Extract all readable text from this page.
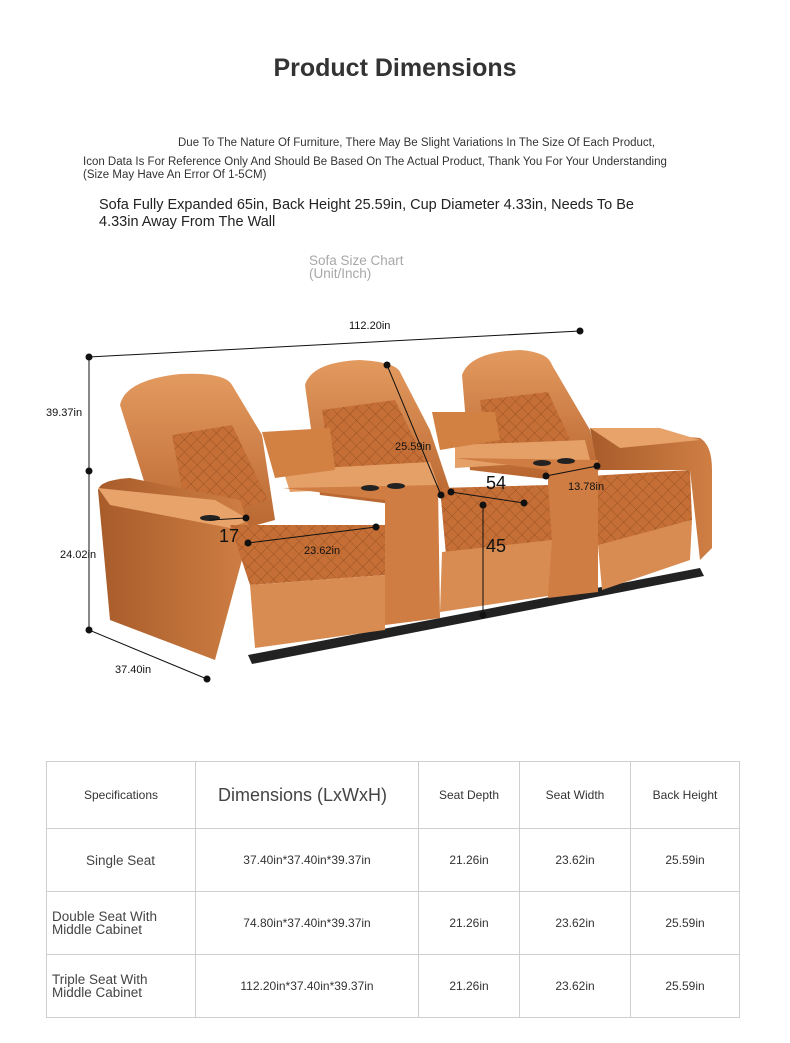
Product Dimensions
Due To The Nature Of Furniture, There May Be Slight Variations In The Size Of Each Product,
Icon Data Is For Reference Only And Should Be Based On The Actual Product, Thank You For Your Understanding
(Size May Have An Error Of 1-5CM)
Sofa Fully Expanded 65in, Back Height 25.59in, Cup Diameter 4.33in, Needs To Be
4.33in Away From The Wall
Sofa Size Chart
(Unit/Inch)
112.20in
39.37in
24.02in
37.40in
25.59in
23.62in
13.78in
17
54
45
Specifications	Dimensions (LxWxH)	Seat Depth	Seat Width	Back Height
Single Seat	37.40in*37.40in*39.37in	21.26in	23.62in	25.59in
Double Seat With Middle Cabinet	74.80in*37.40in*39.37in	21.26in	23.62in	25.59in
Triple Seat With Middle Cabinet	112.20in*37.40in*39.37in	21.26in	23.62in	25.59in
